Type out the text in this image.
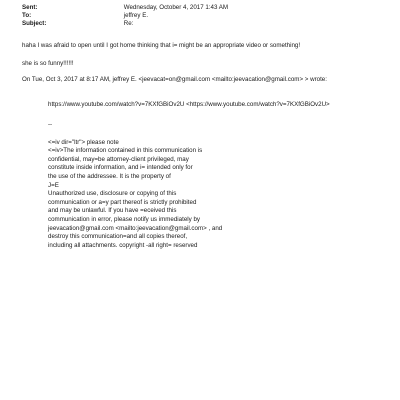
Sent:	Wednesday, October 4, 2017 1:43 AM
To:	jeffrey E.
Subject:	Re:
haha I was afraid to open until I got home thinking that i= might be an appropriate video or something!
she is so funny!!!!!!
On Tue, Oct 3, 2017 at 8:17 AM, jeffrey E. <jeevacat=on@gmail.com <mailto:jeevacation@gmail.com> > wrote:
https://www.youtube.com/watch?v=7KXfGBiOv2U <https://www.youtube.com/watch?v=7KXfGBiOv2U>
--
<=iv dir="ltr"> please note
<=iv>The information contained in this communication is
confidential, may=be attorney-client privileged, may
constitute inside information, and i= intended only for
the use of the addressee. It is the property of
J=E
Unauthorized use, disclosure or copying of this
communication or a=y part thereof is strictly prohibited
and may be unlawful. If you have =eceived this
communication in error, please notify us immediately by
jeevacation@gmail.com <mailto:jeevacation@gmail.com> , and
destroy this communication=and all copies thereof,
including all attachments. copyright -all right= reserved
